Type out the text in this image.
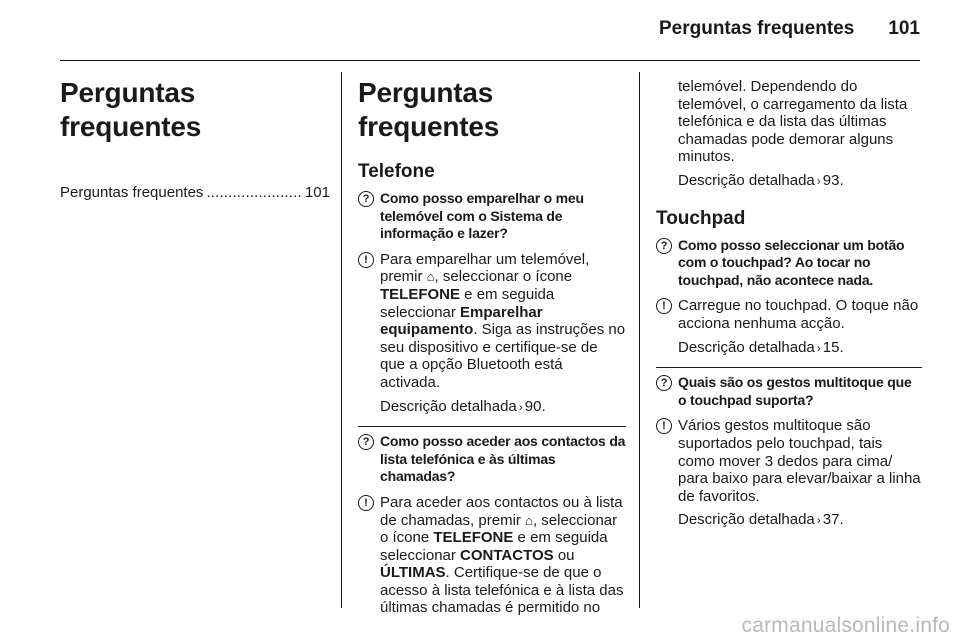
Perguntas frequentes 101
Perguntas frequentes
Perguntas frequentes
. . .	101
Perguntas frequentes
Telefone
? Como posso emparelhar o meu telemóvel com o Sistema de informação e lazer?
! Para emparelhar um telemóvel, premir ⌂, seleccionar o ícone TELEFONE e em seguida seleccionar Emparelhar equipamento. Siga as instruções no seu dispositivo e certifique-se de que a opção Bluetooth está activada.
Descrição detalhada › 90.
? Como posso aceder aos contactos da lista telefónica e às últimas chamadas?
! Para aceder aos contactos ou à lista de chamadas, premir ⌂, seleccionar o ícone TELEFONE e em seguida seleccionar CONTACTOS ou ÚLTIMAS. Certifique-se de que o acesso à lista telefónica e à lista das últimas chamadas é permitido no
telemóvel. Dependendo do telemóvel, o carregamento da lista telefónica e da lista das últimas chamadas pode demorar alguns minutos.
Descrição detalhada › 93.
Touchpad
? Como posso seleccionar um botão com o touchpad? Ao tocar no touchpad, não acontece nada.
! Carregue no touchpad. O toque não acciona nenhuma acção.
Descrição detalhada › 15.
? Quais são os gestos multitoque que o touchpad suporta?
! Vários gestos multitoque são suportados pelo touchpad, tais como mover 3 dedos para cima/ para baixo para elevar/baixar a linha de favoritos.
Descrição detalhada › 37.
carmanualsonline.info
